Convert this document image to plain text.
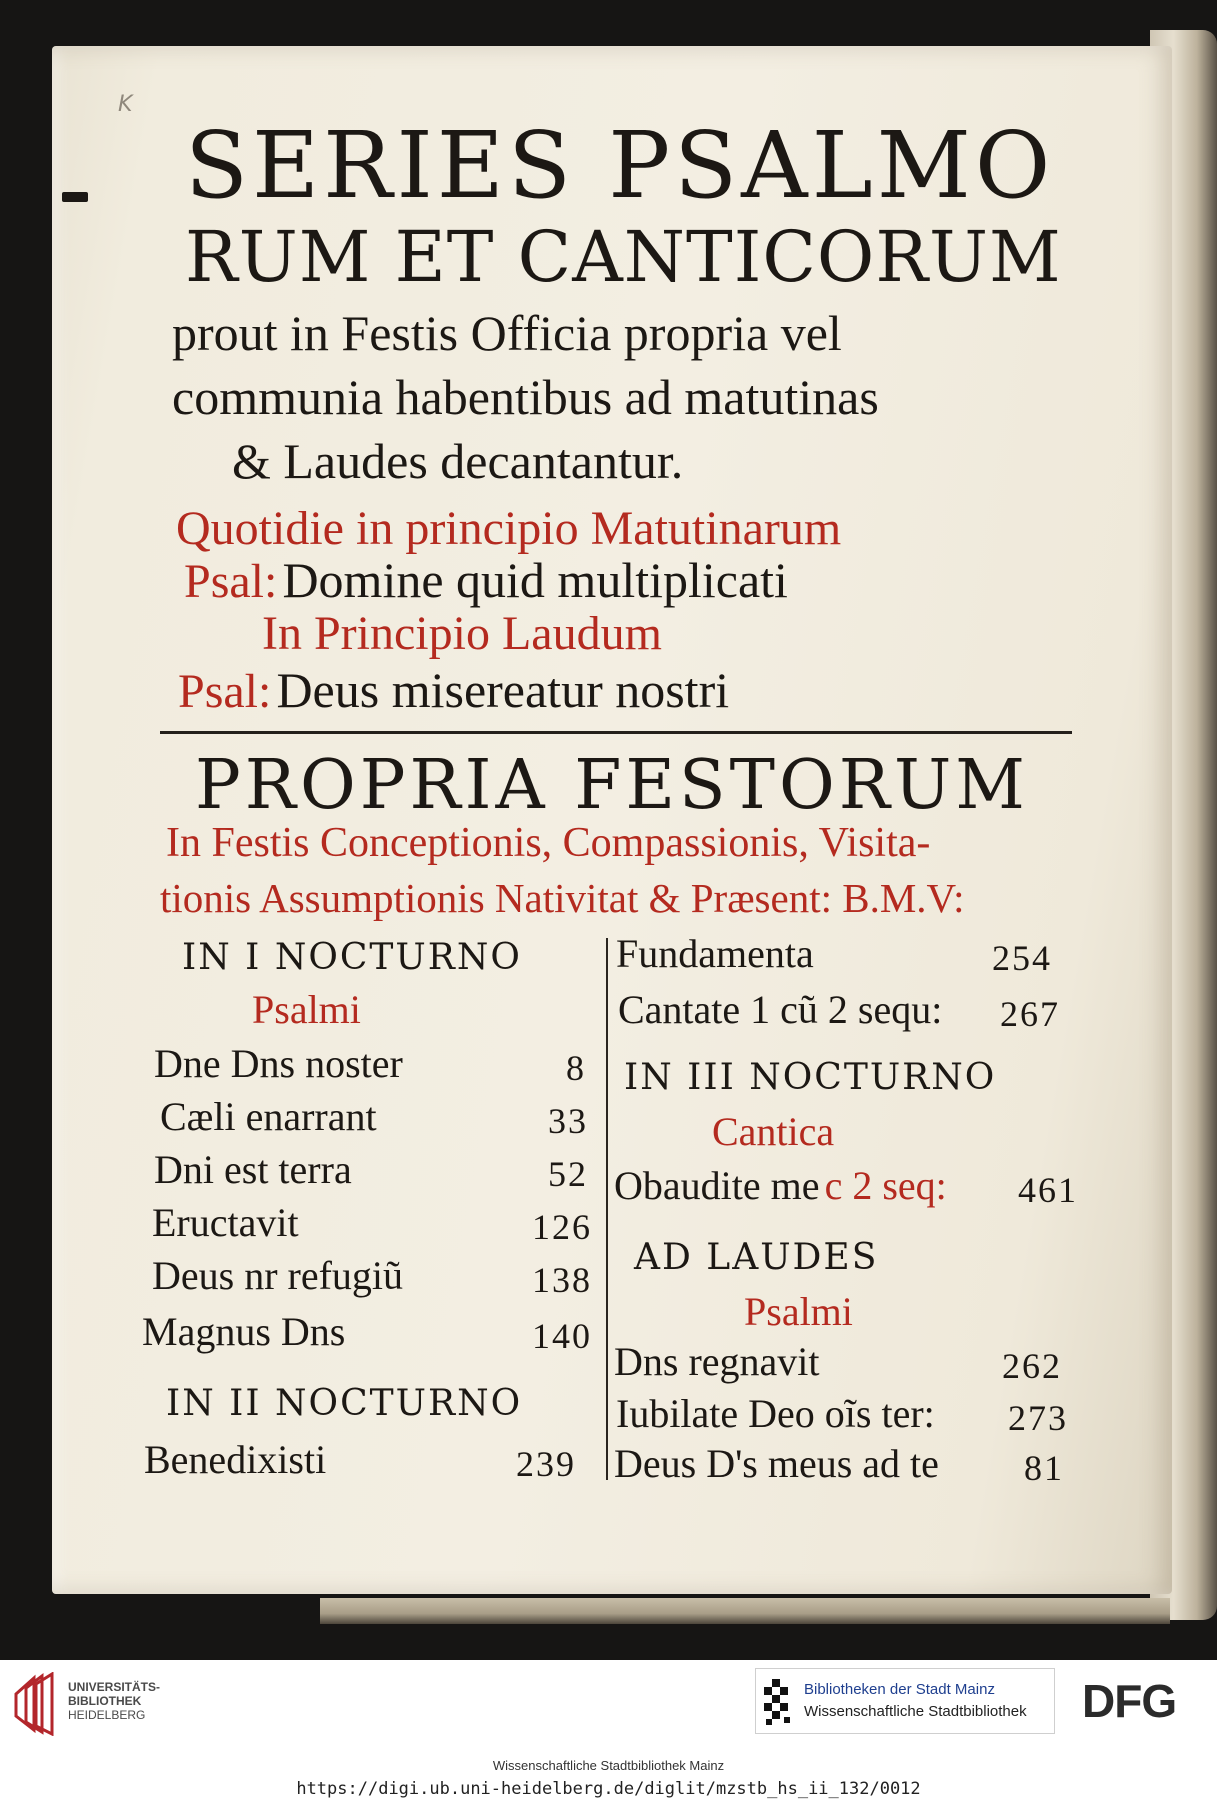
K
SERIES PSALMO
RUM ET CANTICORUM
prout in Festis Officia propria vel
communia habentibus ad matutinas
& Laudes decantantur.
Quotidie in principio Matutinarum
Psal: Domine quid multiplicati
In Principio Laudum
Psal: Deus misereatur nostri
PROPRIA FESTORUM
In Festis Conceptionis, Compassionis, Visita-
tionis Assumptionis Nativitat & Præsent: B.M.V:
IN I NOCTURNO
Psalmi
Dne Dns noster	8
Cæli enarrant	33
Dni est terra	52
Eructavit	126
Deus nr refugiũ	138
Magnus Dns	140
IN II NOCTURNO
Benedixisti	239
Fundamenta	254
Cantate 1 cũ 2 sequ: 267
IN III NOCTURNO
Cantica
Obaudite me c 2 seq: 461
AD LAUDES
Psalmi
Dns regnavit	262
Iubilate Deo oĩs ter: 273
Deus D's meus ad te 81
UNIVERSITÄTS-
BIBLIOTHEK
HEIDELBERG
Bibliotheken der Stadt Mainz
Wissenschaftliche Stadtbibliothek DFG
Wissenschaftliche Stadtbibliothek Mainz
https://digi.ub.uni-heidelberg.de/diglit/mzstb_hs_ii_132/0012
